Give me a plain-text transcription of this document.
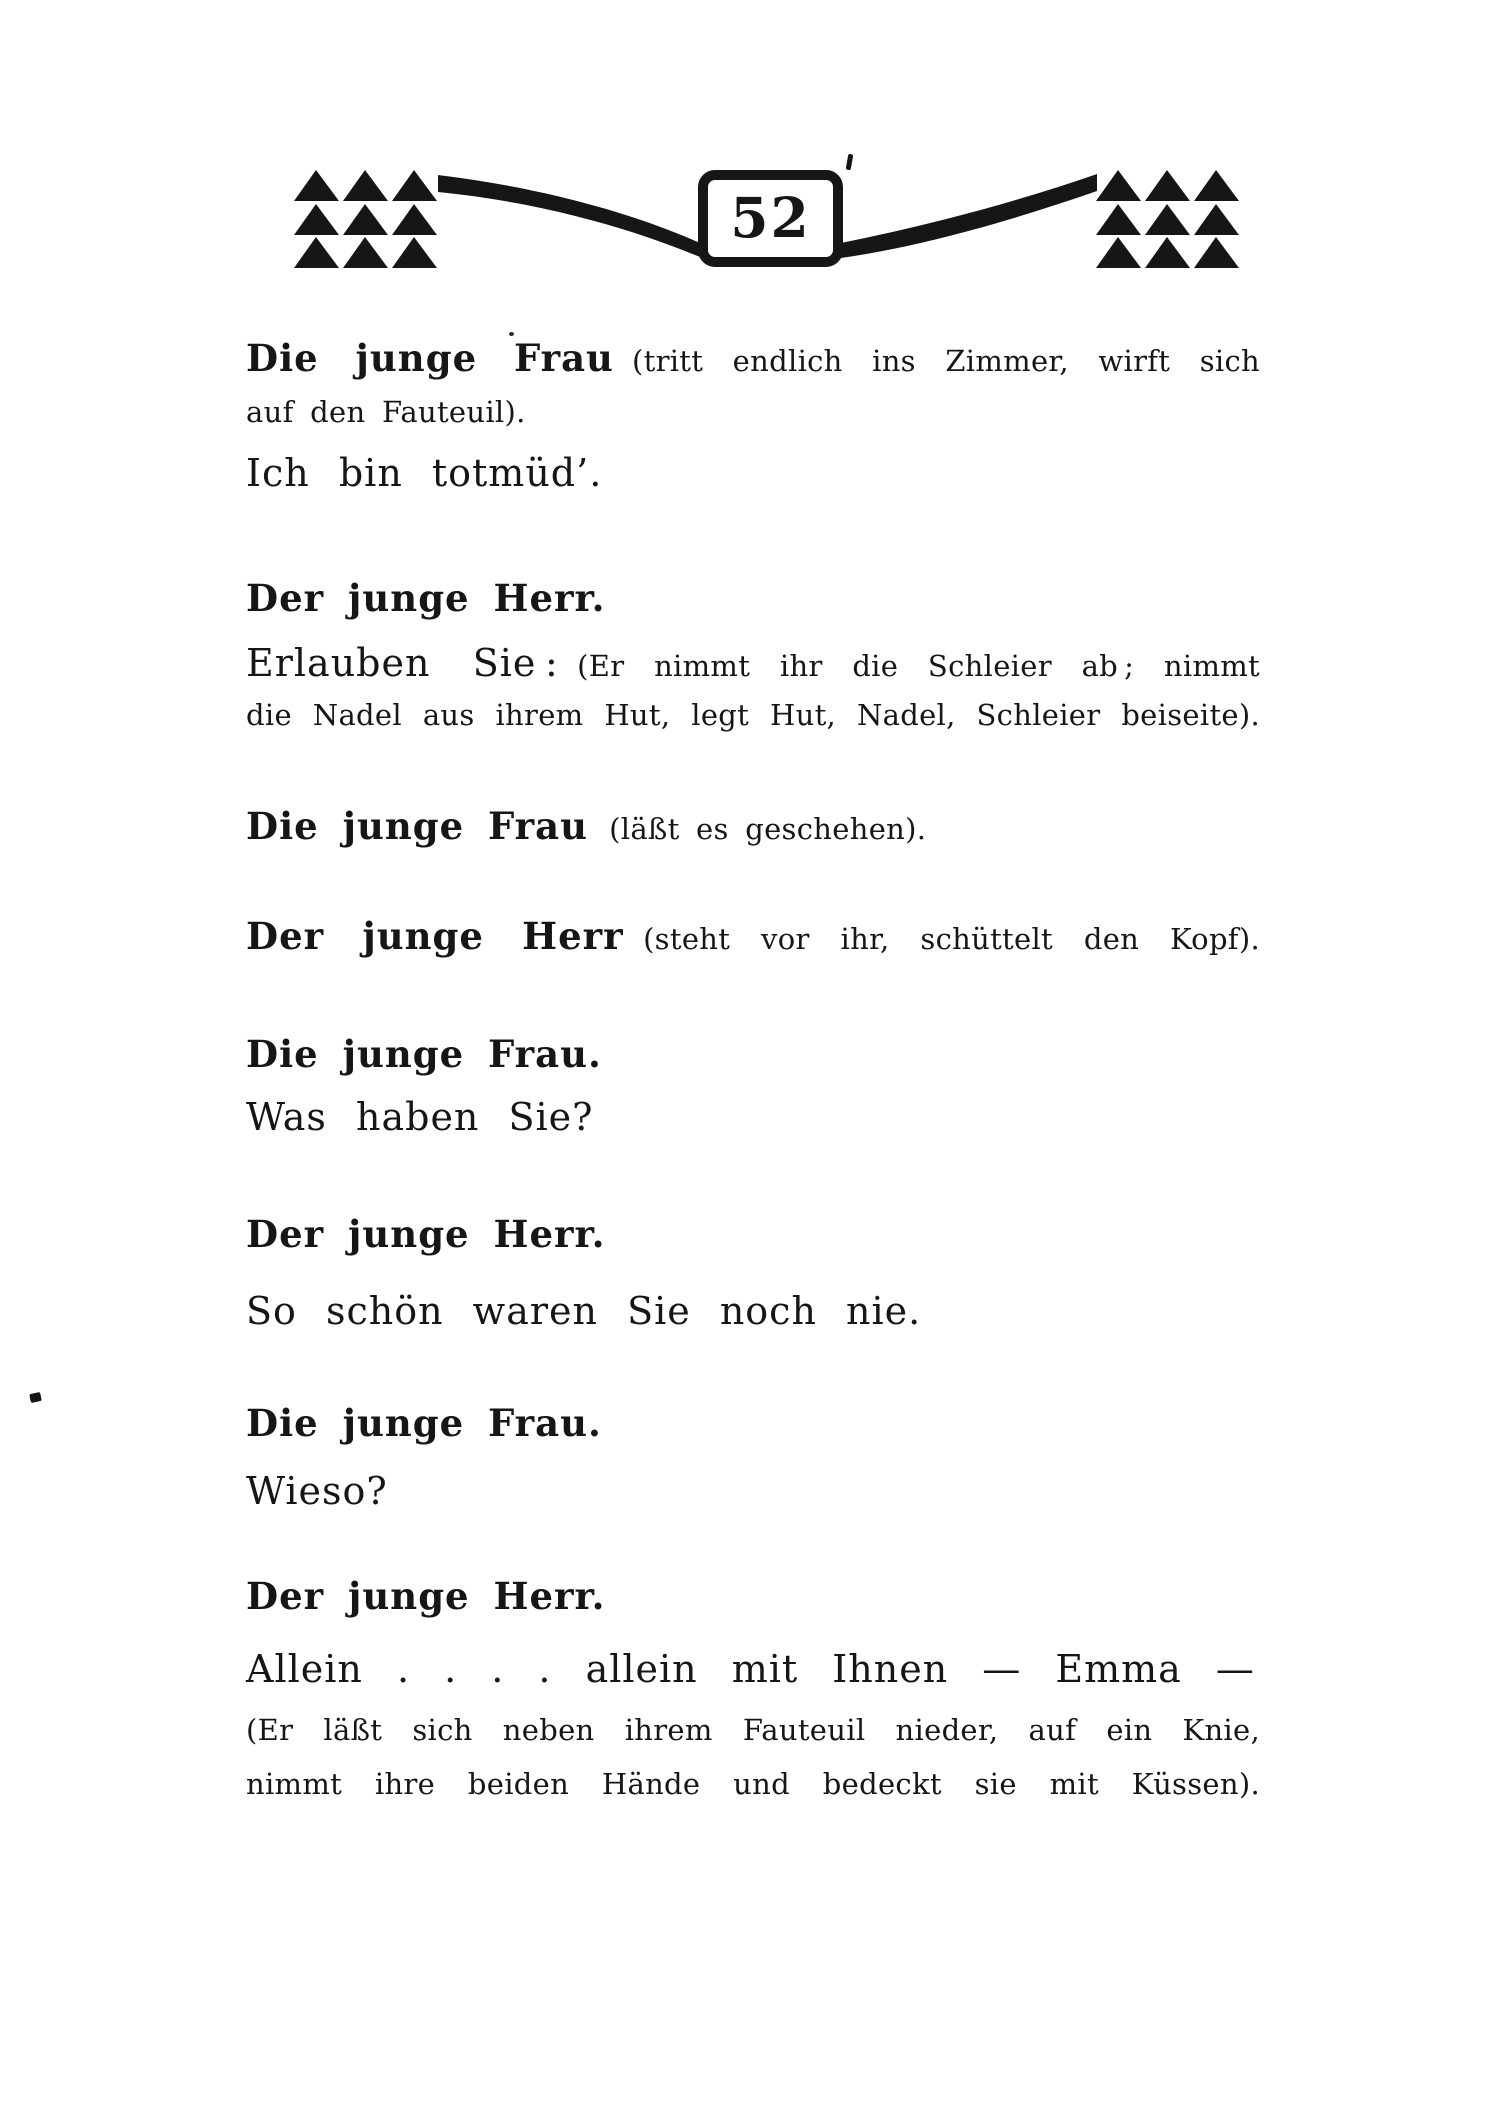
52
Die junge Frau (tritt endlich ins Zimmer, wirft sich
auf den Fauteuil).
Ich bin totmüd’.
Der junge Herr.
Erlauben Sie : (Er nimmt ihr die Schleier ab ; nimmt
die Nadel aus ihrem Hut, legt Hut, Nadel, Schleier beiseite).
Die junge Frau (läßt es geschehen).
Der junge Herr (steht vor ihr, schüttelt den Kopf).
Die junge Frau.
Was haben Sie?
Der junge Herr.
So schön waren Sie noch nie.
Die junge Frau.
Wieso?
Der junge Herr.
Allein . . . . allein mit Ihnen — Emma —
(Er läßt sich neben ihrem Fauteuil nieder, auf ein Knie,
nimmt ihre beiden Hände und bedeckt sie mit Küssen).
